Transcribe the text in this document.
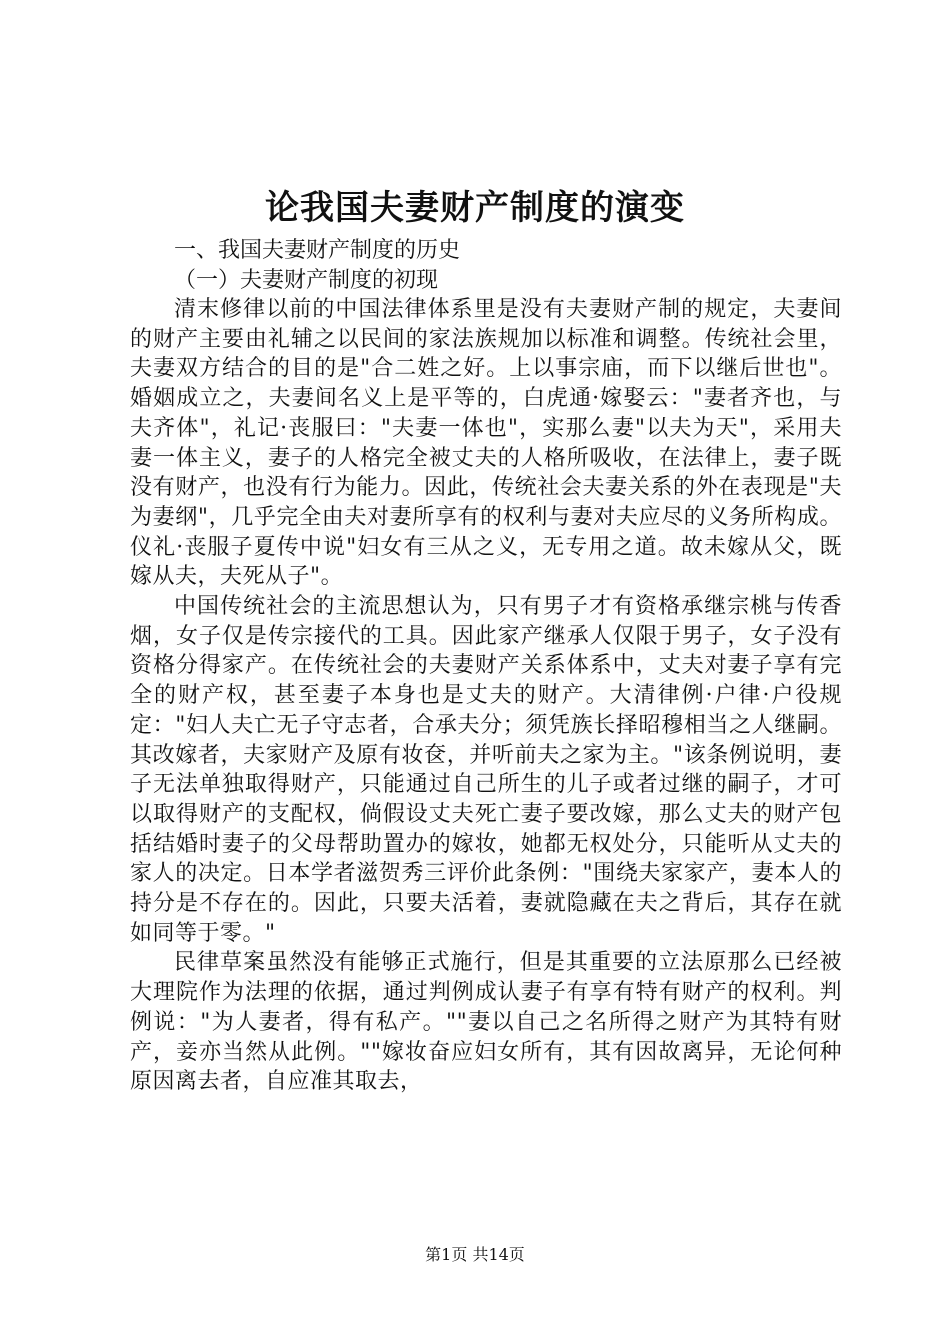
论我国夫妻财产制度的演变

一、我国夫妻财产制度的历史

（一）夫妻财产制度的初现

清末修律以前的中国法律体系里是没有夫妻财产制的规定，夫妻间的财产主要由礼辅之以民间的家法族规加以标准和调整。传统社会里，夫妻双方结合的目的是"合二姓之好。上以事宗庙，而下以继后世也"。婚姻成立之，夫妻间名义上是平等的，白虎通·嫁娶云："妻者齐也，与夫齐体"，礼记·丧服曰："夫妻一体也"，实那么妻"以夫为天"，采用夫妻一体主义，妻子的人格完全被丈夫的人格所吸收，在法律上，妻子既没有财产，也没有行为能力。因此，传统社会夫妻关系的外在表现是"夫为妻纲"，几乎完全由夫对妻所享有的权利与妻对夫应尽的义务所构成。仪礼·丧服子夏传中说"妇女有三从之义，无专用之道。故未嫁从父，既嫁从夫，夫死从子"。

中国传统社会的主流思想认为，只有男子才有资格承继宗桃与传香烟，女子仅是传宗接代的工具。因此家产继承人仅限于男子，女子没有资格分得家产。在传统社会的夫妻财产关系体系中，丈夫对妻子享有完全的财产权，甚至妻子本身也是丈夫的财产。大清律例·户律·户役规定："妇人夫亡无子守志者，合承夫分；须凭族长择昭穆相当之人继嗣。其改嫁者，夫家财产及原有妆奁，并听前夫之家为主。"该条例说明，妻子无法单独取得财产，只能通过自己所生的儿子或者过继的嗣子，才可以取得财产的支配权，倘假设丈夫死亡妻子要改嫁，那么丈夫的财产包括结婚时妻子的父母帮助置办的嫁妆，她都无权处分，只能听从丈夫的家人的决定。日本学者滋贺秀三评价此条例："围绕夫家家产，妻本人的持分是不存在的。因此，只要夫活着，妻就隐藏在夫之背后，其存在就如同等于零。"

民律草案虽然没有能够正式施行，但是其重要的立法原那么已经被大理院作为法理的依据，通过判例成认妻子有享有特有财产的权利。判例说："为人妻者，得有私产。""妻以自己之名所得之财产为其特有财产，妾亦当然从此例。""嫁妆奋应妇女所有，其有因故离异，无论何种原因离去者，自应准其取去，

第1页 共14页
